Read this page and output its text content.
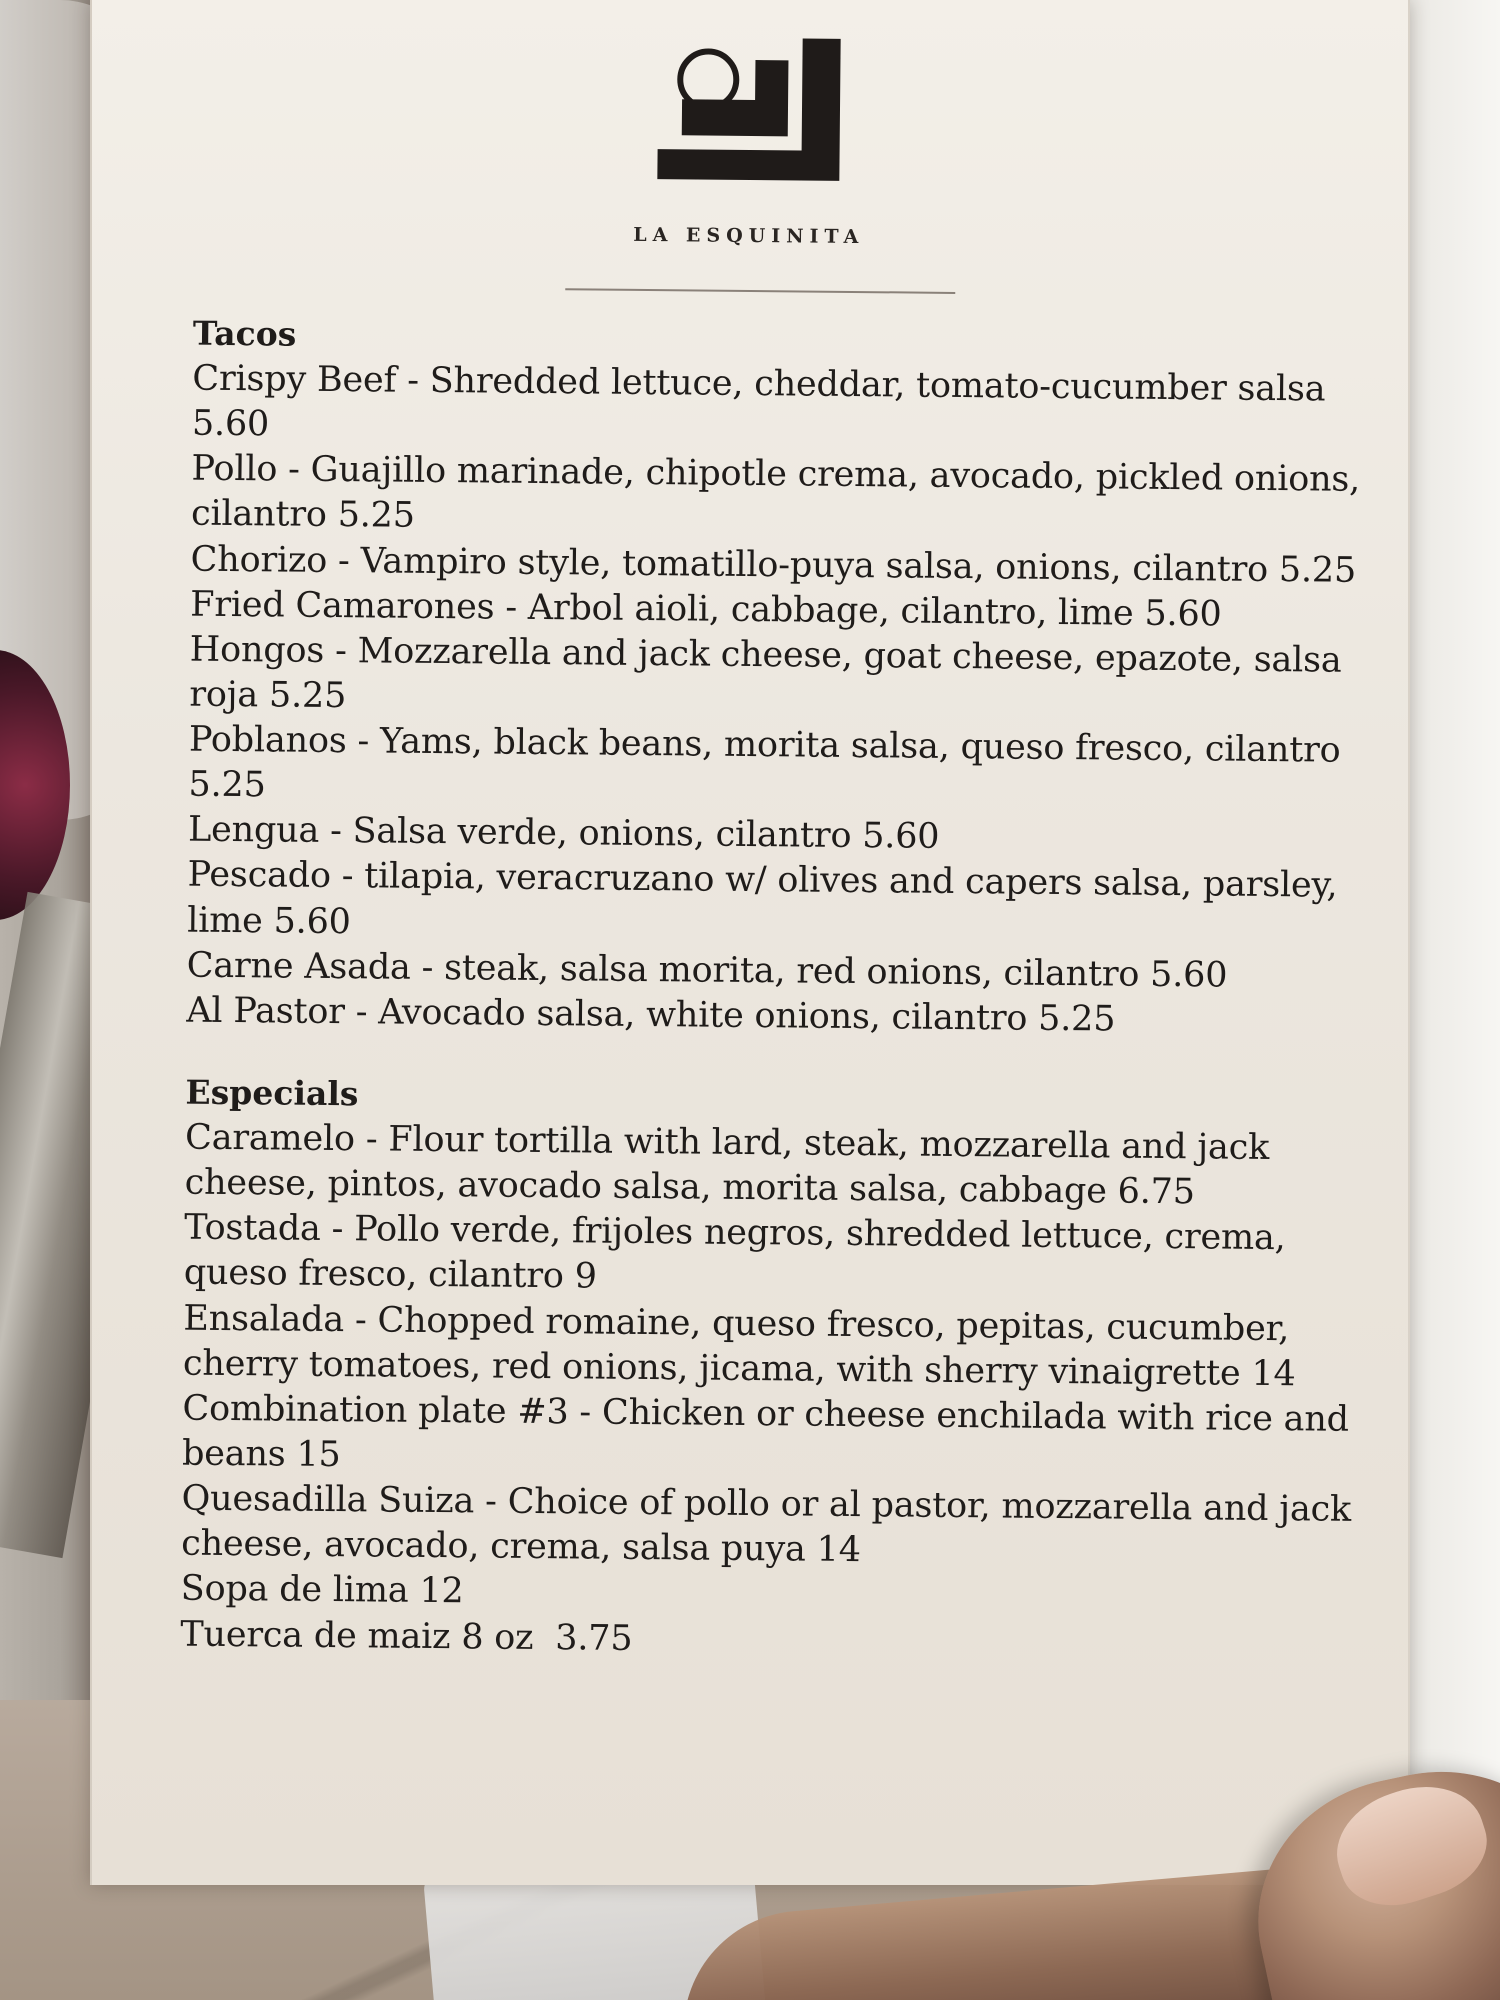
LA ESQUINITA
Tacos
Crispy Beef - Shredded lettuce, cheddar, tomato-cucumber salsa 5.60
Pollo - Guajillo marinade, chipotle crema, avocado, pickled onions, cilantro 5.25
Chorizo - Vampiro style, tomatillo-puya salsa, onions, cilantro 5.25
Fried Camarones - Arbol aioli, cabbage, cilantro, lime 5.60
Hongos - Mozzarella and jack cheese, goat cheese, epazote, salsa roja 5.25
Poblanos - Yams, black beans, morita salsa, queso fresco, cilantro 5.25
Lengua - Salsa verde, onions, cilantro 5.60
Pescado - tilapia, veracruzano w/ olives and capers salsa, parsley, lime 5.60
Carne Asada - steak, salsa morita, red onions, cilantro 5.60
Al Pastor - Avocado salsa, white onions, cilantro 5.25
Especials
Caramelo - Flour tortilla with lard, steak, mozzarella and jack cheese, pintos, avocado salsa, morita salsa, cabbage 6.75
Tostada - Pollo verde, frijoles negros, shredded lettuce, crema, queso fresco, cilantro 9
Ensalada - Chopped romaine, queso fresco, pepitas, cucumber, cherry tomatoes, red onions, jicama, with sherry vinaigrette 14
Combination plate #3 - Chicken or cheese enchilada with rice and beans 15
Quesadilla Suiza - Choice of pollo or al pastor, mozzarella and jack cheese, avocado, crema, salsa puya 14
Sopa de lima 12
Tuerca de maiz 8 oz  3.75
